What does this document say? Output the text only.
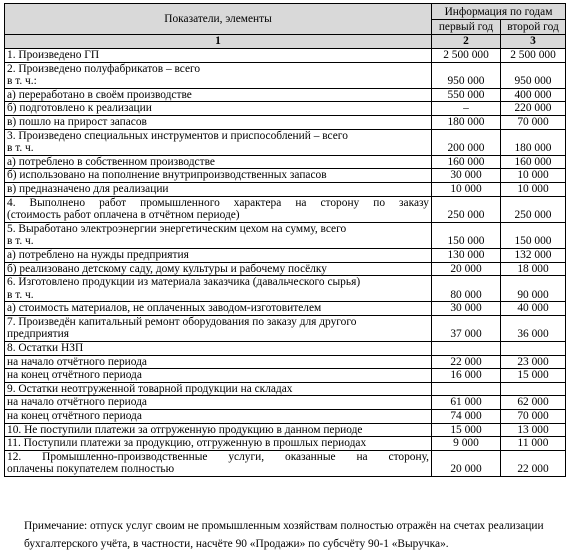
Показатели, элементы	Информация по годам	
	первый год	второй год
1	2	3

1. Произведено ГП	2 500 000	2 500 000

2. Произведено полуфабрикатов – всего
в т. ч.:	950 000	950 000

а) переработано в своём производстве	550 000	400 000

б) подготовлено к реализации	–	220 000

в) пошло на прирост запасов	180 000	70 000

3. Произведено специальных инструментов и приспособлений – всего
в т. ч.	200 000	180 000

а) потреблено в собственном производстве	160 000	160 000

б) использовано на пополнение внутрипроизводственных запасов	30 000	10 000

в) предназначено для реализации	10 000	10 000

4. Выполнено работ промышленного характера на сторону по заказу
(стоимость работ оплачена в отчётном периоде)	250 000	250 000

5. Выработано электроэнергии энергетическим цехом на сумму, всего
в т. ч.	150 000	150 000

а) потреблено на нужды предприятия	130 000	132 000

б) реализовано детскому саду, дому культуры и рабочему посёлку	20 000	18 000

6. Изготовлено продукции из материала заказчика (давальческого сырья)
в т. ч.	80 000	90 000

а) стоимость материалов, не оплаченных заводом-изготовителем	30 000	40 000

7. Произведён капитальный ремонт оборудования по заказу для другого
предприятия	37 000	36 000

8. Остатки НЗП		

на начало отчётного периода	22 000	23 000

на конец отчётного периода	16 000	15 000

9. Остатки неотгруженной товарной продукции на складах		

на начало отчётного периода	61 000	62 000

на конец отчётного периода	74 000	70 000

10. Не поступили платежи за отгруженную продукцию в данном периоде	15 000	13 000

11. Поступили платежи за продукцию, отгруженную в прошлых периодах	9 000	11 000

12. Промышленно-производственные услуги, оказанные на сторону,
оплачены покупателем полностью	20 000	22 000
Примечание: отпуск услуг своим не промышленным хозяйствам полностью отражён на счетах реализации
бухгалтерского учёта, в частности, насчёте 90 «Продажи» по субсчёту 90-1 «Выручка».
